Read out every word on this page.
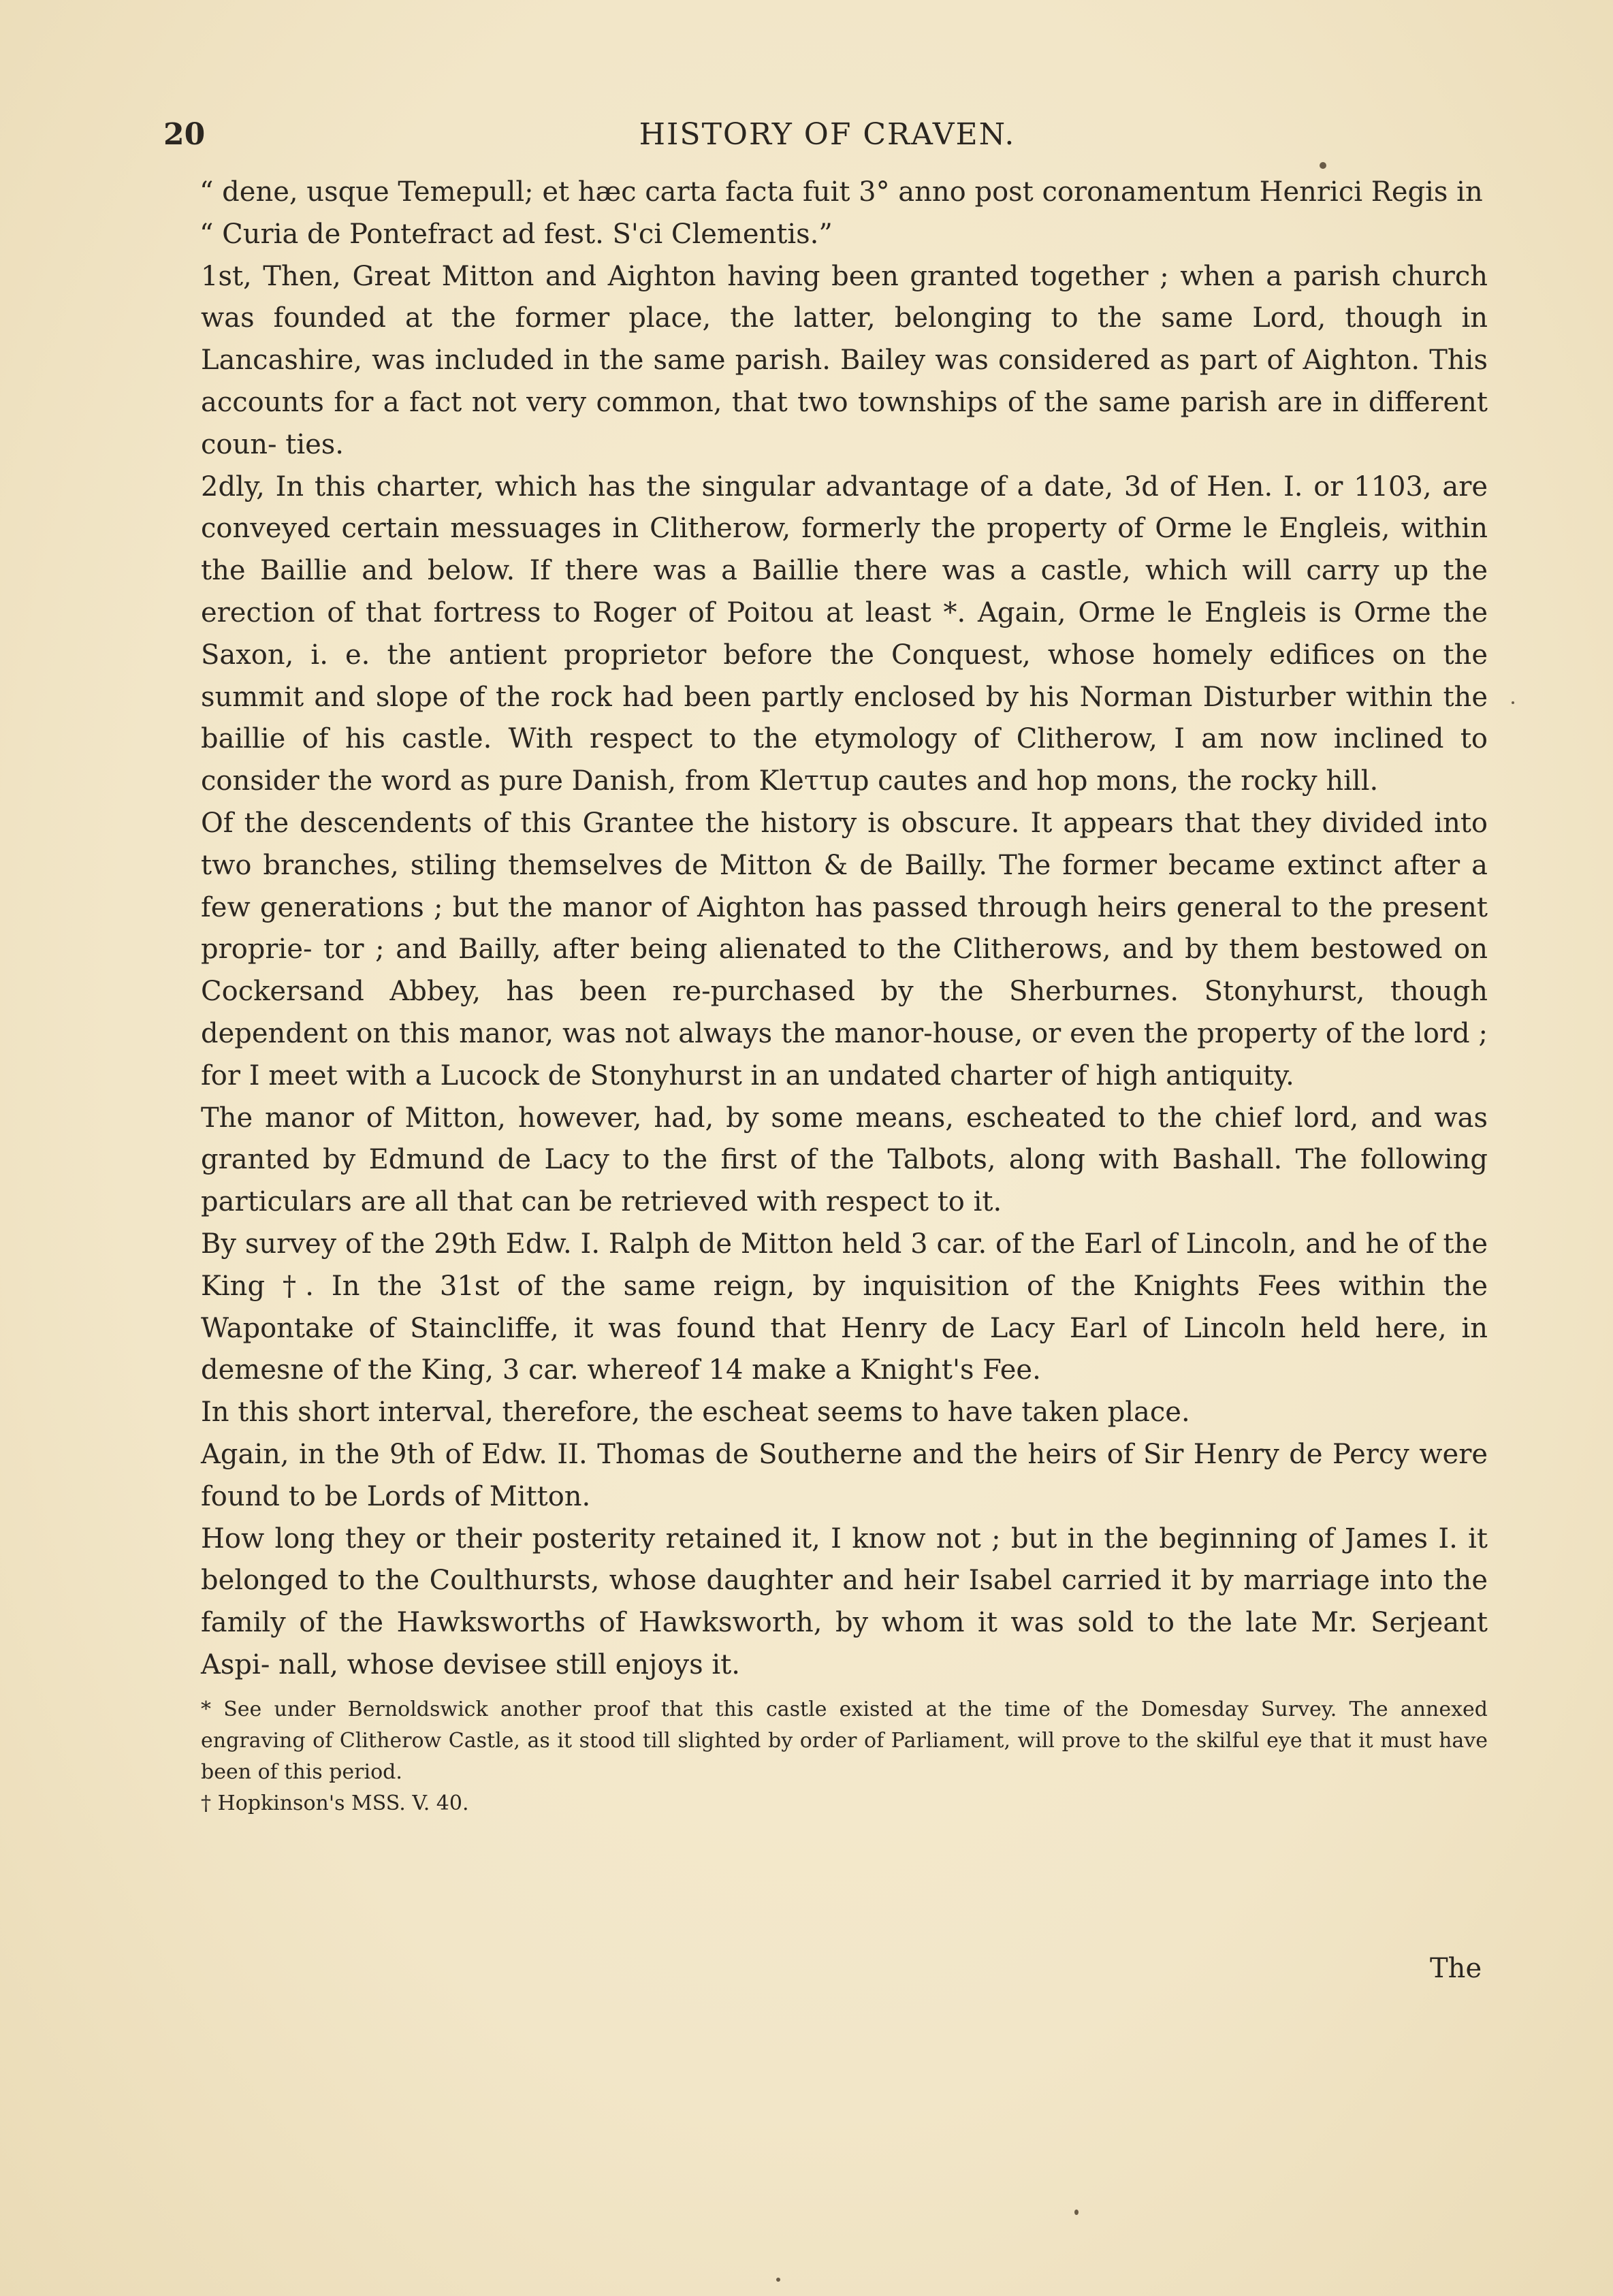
20	HISTORY OF CRAVEN.

“ dene, usque Temepull; et hæc carta facta fuit 3° anno post coronamentum Henrici Regis in

“ Curia de Pontefract ad fest. S'ci Clementis.”

1st, Then, Great Mitton and Aighton having been granted together ; when a parish church was founded at the former place, the latter, belonging to the same Lord, though in Lancashire, was included in the same parish. Bailey was considered as part of Aighton. This accounts for a fact not very common, that two townships of the same parish are in different coun- ties.

2dly, In this charter, which has the singular advantage of a date, 3d of Hen. I. or 1103, are conveyed certain messuages in Clitherow, formerly the property of Orme le Engleis, within the Baillie and below. If there was a Baillie there was a castle, which will carry up the erection of that fortress to Roger of Poitou at least *. Again, Orme le Engleis is Orme the Saxon, i. e. the antient proprietor before the Conquest, whose homely edifices on the summit and slope of the rock had been partly enclosed by his Norman Disturber within the baillie of his castle. With respect to the etymology of Clitherow, I am now inclined to consider the word as pure Danish, from Kleττup cautes and hop mons, the rocky hill.

Of the descendents of this Grantee the history is obscure. It appears that they divided into two branches, stiling themselves de Mitton & de Bailly. The former became extinct after a few generations ; but the manor of Aighton has passed through heirs general to the present proprie- tor ; and Bailly, after being alienated to the Clitherows, and by them bestowed on Cockersand Abbey, has been re-purchased by the Sherburnes. Stonyhurst, though dependent on this manor, was not always the manor-house, or even the property of the lord ; for I meet with a Lucock de Stonyhurst in an undated charter of high antiquity.

The manor of Mitton, however, had, by some means, escheated to the chief lord, and was granted by Edmund de Lacy to the first of the Talbots, along with Bashall. The following particulars are all that can be retrieved with respect to it.

By survey of the 29th Edw. I. Ralph de Mitton held 3 car. of the Earl of Lincoln, and he of the King †. In the 31st of the same reign, by inquisition of the Knights Fees within the Wapontake of Staincliffe, it was found that Henry de Lacy Earl of Lincoln held here, in demesne of the King, 3 car. whereof 14 make a Knight's Fee.

In this short interval, therefore, the escheat seems to have taken place.

Again, in the 9th of Edw. II. Thomas de Southerne and the heirs of Sir Henry de Percy were found to be Lords of Mitton.

How long they or their posterity retained it, I know not ; but in the beginning of James I. it belonged to the Coulthursts, whose daughter and heir Isabel carried it by marriage into the family of the Hawksworths of Hawksworth, by whom it was sold to the late Mr. Serjeant Aspi- nall, whose devisee still enjoys it.

* See under Bernoldswick another proof that this castle existed at the time of the Domesday Survey. The annexed engraving of Clitherow Castle, as it stood till slighted by order of Parliament, will prove to the skilful eye that it must have been of this period.

† Hopkinson's MSS. V. 40.

The
